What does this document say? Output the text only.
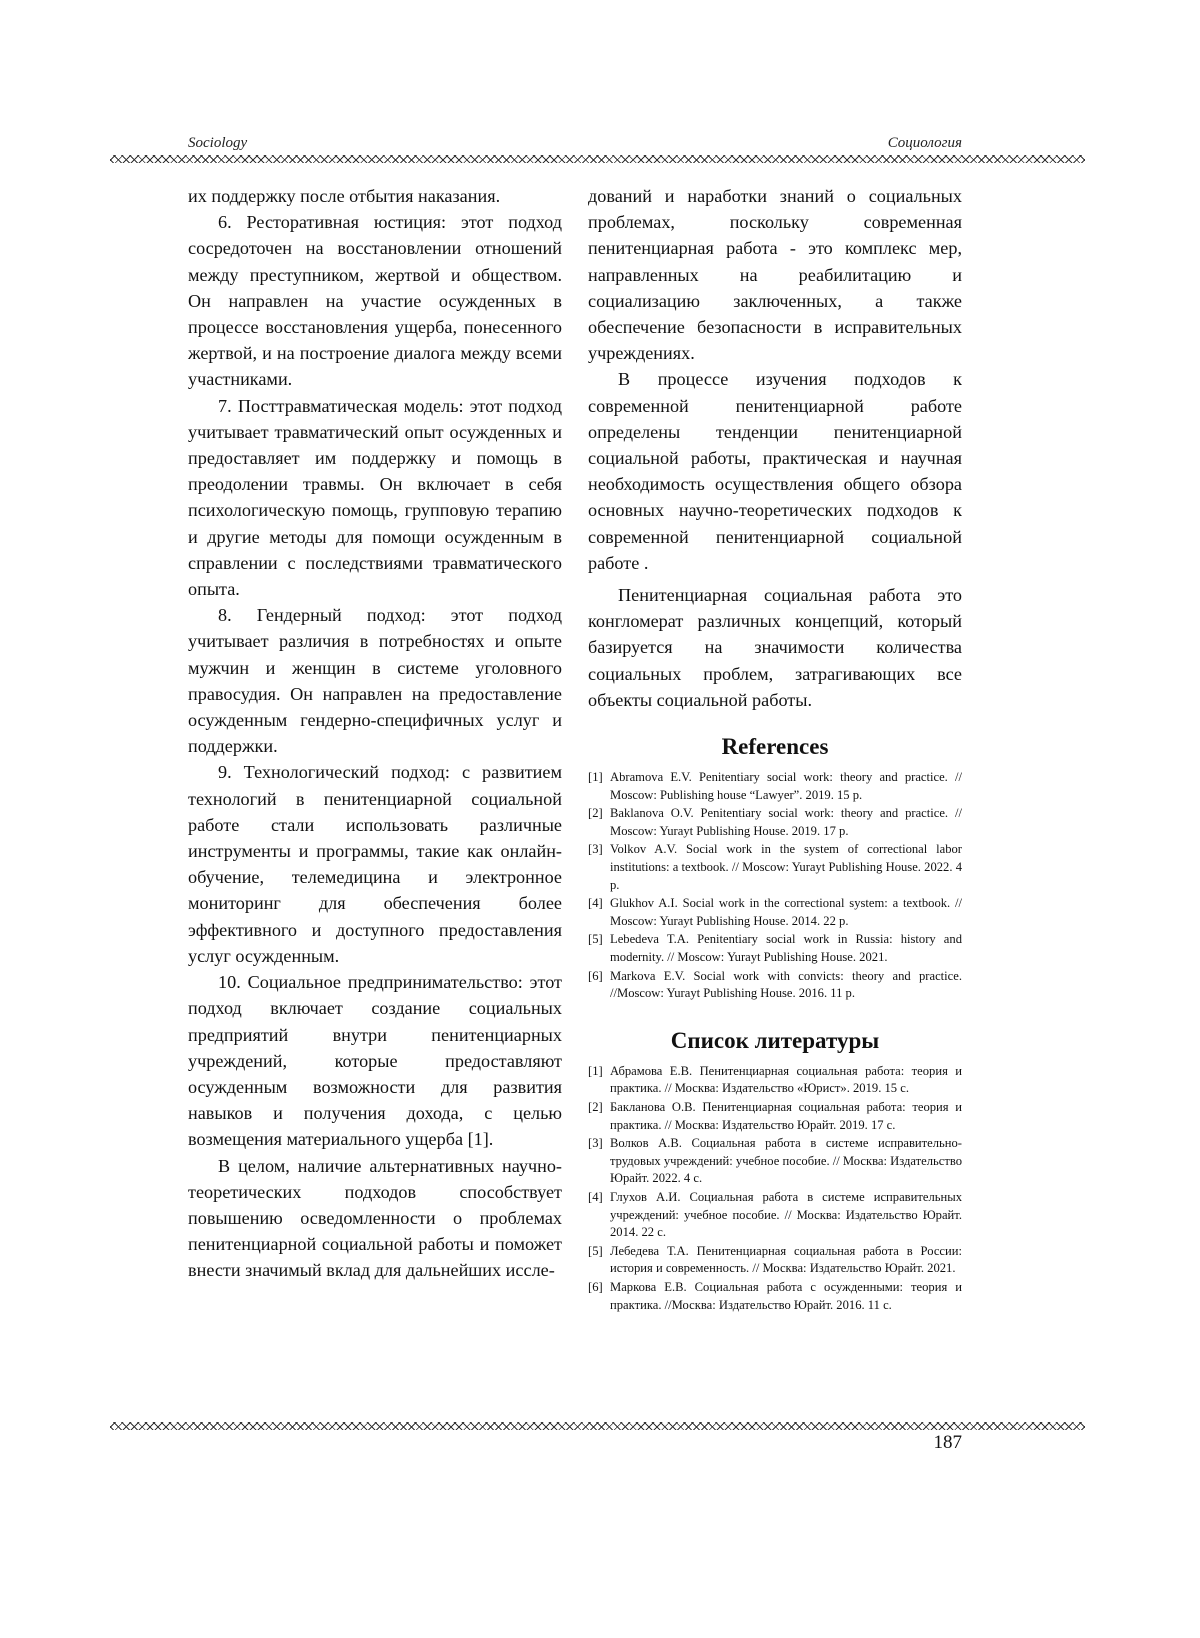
Sociology	Социология

их поддержку после отбытия наказания.

6. Ресторативная юстиция: этот подход сосредоточен на восстановлении отношений между преступником, жертвой и обществом. Он направлен на участие осужденных в процессе восстановления ущерба, понесенного жертвой, и на построение диалога между всеми участниками.

7. Посттравматическая модель: этот подход учитывает травматический опыт осужденных и предоставляет им поддержку и помощь в преодолении травмы. Он включает в себя психологическую помощь, групповую терапию и другие методы для помощи осужденным в справлении с последствиями травматического опыта.

8. Гендерный подход: этот подход учитывает различия в потребностях и опыте мужчин и женщин в системе уголовного правосудия. Он направлен на предоставление осужденным гендерно-специфичных услуг и поддержки.

9. Технологический подход: с развитием технологий в пенитенциарной социальной работе стали использовать различные инструменты и программы, такие как онлайн-обучение, телемедицина и электронное мониторинг для обеспечения более эффективного и доступного предоставления услуг осужденным.

10. Социальное предпринимательство: этот подход включает создание социальных предприятий внутри пенитенциарных учреждений, которые предоставляют осужденным возможности для развития навыков и получения дохода, с целью возмещения материального ущерба [1].

В целом, наличие альтернативных научно-теоретических подходов способствует повышению осведомленности о проблемах пенитенциарной социальной работы и поможет внести значимый вклад для дальнейших иссле-

дований и наработки знаний о социальных проблемах, поскольку современная пенитенциарная работа - это комплекс мер, направленных на реабилитацию и социализацию заключенных, а также обеспечение безопасности в исправительных учреждениях.

В процессе изучения подходов к современной пенитенциарной работе определены тенденции пенитенциарной социальной работы, практическая и научная необходимость осуществления общего обзора основных научно-теоретических подходов к современной пенитенциарной социальной работе .

Пенитенциарная социальная работа это конгломерат различных концепций, который базируется на значимости количества социальных проблем, затрагивающих все объекты социальной работы.

References
[1] Abramova E.V. Penitentiary social work: theory and practice. // Moscow: Publishing house “Lawyer”. 2019. 15 p.
[2] Baklanova O.V. Penitentiary social work: theory and practice. // Moscow: Yurayt Publishing House. 2019. 17 p.
[3] Volkov A.V. Social work in the system of correctional labor institutions: a textbook. // Moscow: Yurayt Publishing House. 2022. 4 p.
[4] Glukhov A.I. Social work in the correctional system: a textbook. // Moscow: Yurayt Publishing House. 2014. 22 p.
[5] Lebedeva T.A. Penitentiary social work in Russia: history and modernity. // Moscow: Yurayt Publishing House. 2021.
[6] Markova E.V. Social work with convicts: theory and practice. //Moscow: Yurayt Publishing House. 2016. 11 p.
Список литературы
[1] Абрамова Е.В. Пенитенциарная социальная работа: теория и практика. // Москва: Издательство «Юрист». 2019. 15 с.
[2] Бакланова О.В. Пенитенциарная социальная работа: теория и практика. // Москва: Издательство Юрайт. 2019. 17 с.
[3] Волков А.В. Социальная работа в системе исправительно-трудовых учреждений: учебное пособие. // Москва: Издательство Юрайт. 2022. 4 с.
[4] Глухов А.И. Социальная работа в системе исправительных учреждений: учебное пособие. // Москва: Издательство Юрайт. 2014. 22 с.
[5] Лебедева Т.А. Пенитенциарная социальная работа в России: история и современность. // Москва: Издательство Юрайт. 2021.
[6] Маркова Е.В. Социальная работа с осужденными: теория и практика. //Москва: Издательство Юрайт. 2016. 11 с.
187
